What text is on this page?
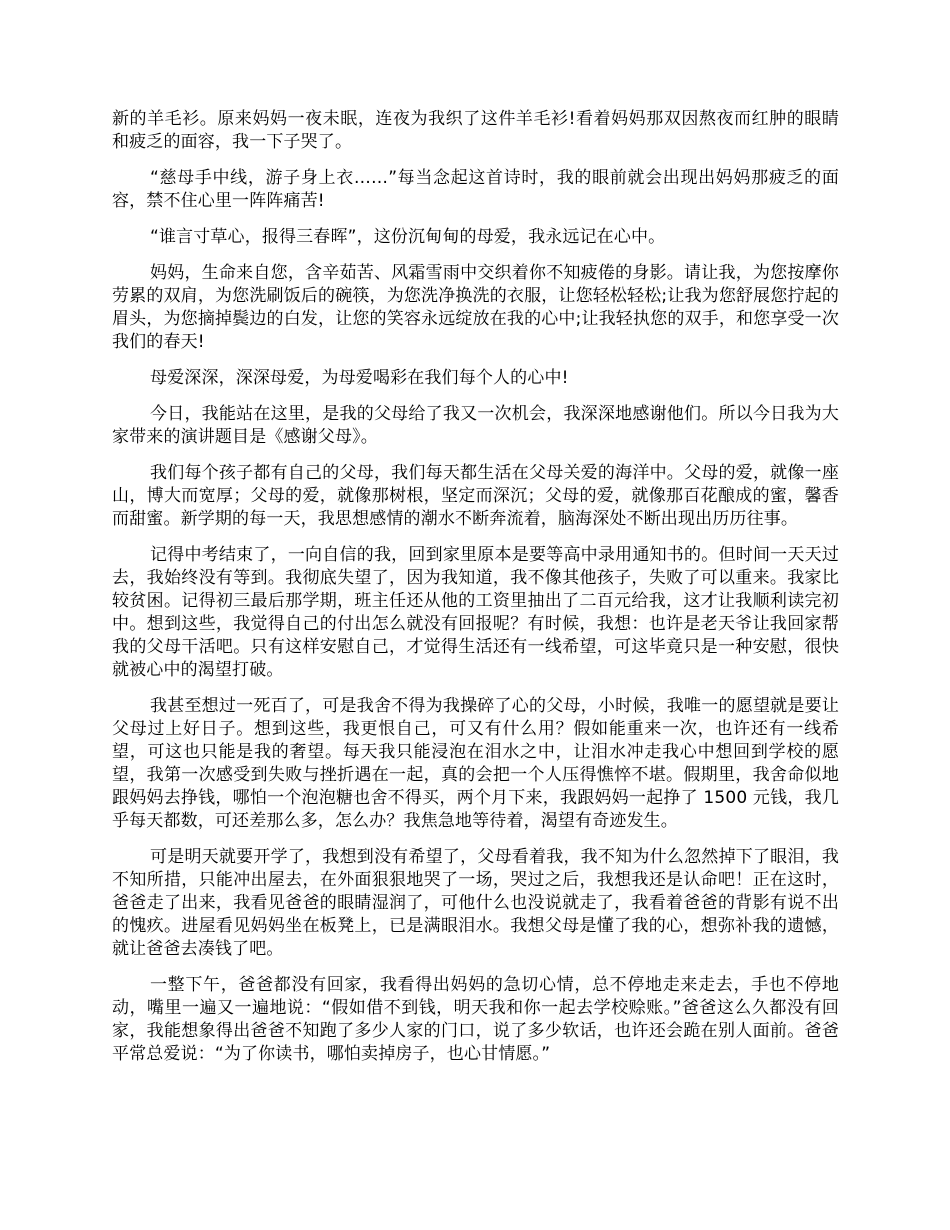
新的羊毛衫。原来妈妈一夜未眠，连夜为我织了这件羊毛衫!看着妈妈那双因熬夜而红肿的眼睛和疲乏的面容，我一下子哭了。

“慈母手中线，游子身上衣……”每当念起这首诗时，我的眼前就会出现出妈妈那疲乏的面容，禁不住心里一阵阵痛苦!

“谁言寸草心，报得三春晖”，这份沉甸甸的母爱，我永远记在心中。

妈妈，生命来自您，含辛茹苦、风霜雪雨中交织着你不知疲倦的身影。请让我，为您按摩你劳累的双肩，为您洗刷饭后的碗筷，为您洗净换洗的衣服，让您轻松轻松;让我为您舒展您拧起的眉头，为您摘掉鬓边的白发，让您的笑容永远绽放在我的心中;让我轻执您的双手，和您享受一次我们的春天!

母爱深深，深深母爱，为母爱喝彩在我们每个人的心中!

今日，我能站在这里，是我的父母给了我又一次机会，我深深地感谢他们。所以今日我为大家带来的演讲题目是《感谢父母》。

我们每个孩子都有自己的父母，我们每天都生活在父母关爱的海洋中。父母的爱，就像一座山，博大而宽厚；父母的爱，就像那树根，坚定而深沉；父母的爱，就像那百花酿成的蜜，馨香而甜蜜。新学期的每一天，我思想感情的潮水不断奔流着，脑海深处不断出现出历历往事。

记得中考结束了，一向自信的我，回到家里原本是要等高中录用通知书的。但时间一天天过去，我始终没有等到。我彻底失望了，因为我知道，我不像其他孩子，失败了可以重来。我家比较贫困。记得初三最后那学期，班主任还从他的工资里抽出了二百元给我，这才让我顺利读完初中。想到这些，我觉得自己的付出怎么就没有回报呢？有时候，我想：也许是老天爷让我回家帮我的父母干活吧。只有这样安慰自己，才觉得生活还有一线希望，可这毕竟只是一种安慰，很快就被心中的渴望打破。

我甚至想过一死百了，可是我舍不得为我操碎了心的父母，小时候，我唯一的愿望就是要让父母过上好日子。想到这些，我更恨自己，可又有什么用？假如能重来一次，也许还有一线希望，可这也只能是我的奢望。每天我只能浸泡在泪水之中，让泪水冲走我心中想回到学校的愿望，我第一次感受到失败与挫折遇在一起，真的会把一个人压得憔悴不堪。假期里，我舍命似地跟妈妈去挣钱，哪怕一个泡泡糖也舍不得买，两个月下来，我跟妈妈一起挣了 1500 元钱，我几乎每天都数，可还差那么多，怎么办？我焦急地等待着，渴望有奇迹发生。

可是明天就要开学了，我想到没有希望了，父母看着我，我不知为什么忽然掉下了眼泪，我不知所措，只能冲出屋去，在外面狠狠地哭了一场，哭过之后，我想我还是认命吧！正在这时，爸爸走了出来，我看见爸爸的眼睛湿润了，可他什么也没说就走了，我看着爸爸的背影有说不出的愧疚。进屋看见妈妈坐在板凳上，已是满眼泪水。我想父母是懂了我的心，想弥补我的遗憾，就让爸爸去凑钱了吧。

一整下午，爸爸都没有回家，我看得出妈妈的急切心情，总不停地走来走去，手也不停地动，嘴里一遍又一遍地说：“假如借不到钱，明天我和你一起去学校赊账。”爸爸这么久都没有回家，我能想象得出爸爸不知跑了多少人家的门口，说了多少软话，也许还会跪在别人面前。爸爸平常总爱说：“为了你读书，哪怕卖掉房子，也心甘情愿。”
